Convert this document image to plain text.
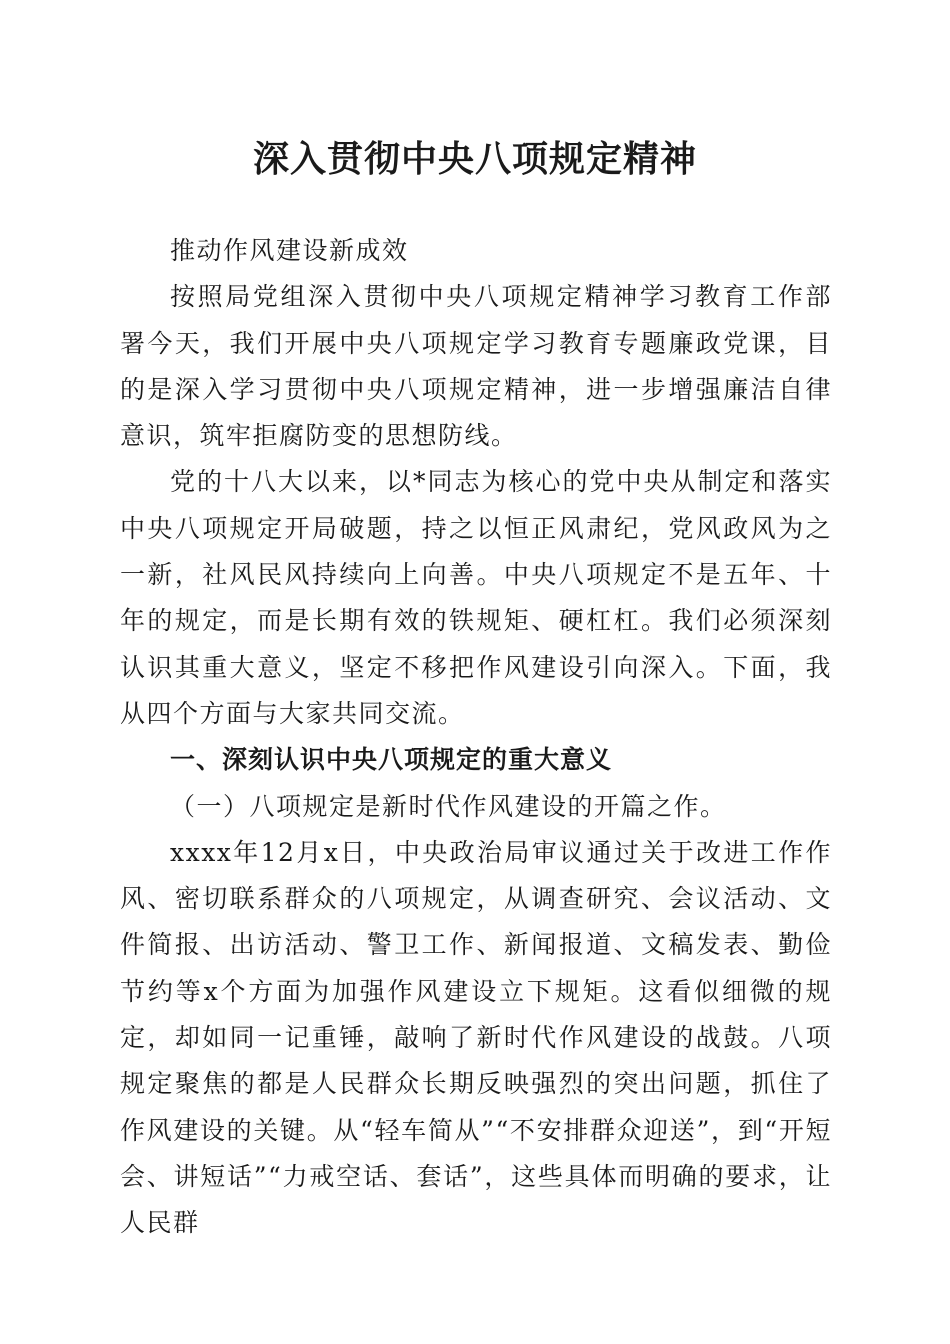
深入贯彻中央八项规定精神

推动作风建设新成效

按照局党组深入贯彻中央八项规定精神学习教育工作部署今天，我们开展中央八项规定学习教育专题廉政党课，目的是深入学习贯彻中央八项规定精神，进一步增强廉洁自律意识，筑牢拒腐防变的思想防线。

党的十八大以来，以*同志为核心的党中央从制定和落实中央八项规定开局破题，持之以恒正风肃纪，党风政风为之一新，社风民风持续向上向善。中央八项规定不是五年、十年的规定，而是长期有效的铁规矩、硬杠杠。我们必须深刻认识其重大意义，坚定不移把作风建设引向深入。下面，我从四个方面与大家共同交流。

一、深刻认识中央八项规定的重大意义

（一）八项规定是新时代作风建设的开篇之作。

xxxx年12月x日，中央政治局审议通过关于改进工作作风、密切联系群众的八项规定，从调查研究、会议活动、文件简报、出访活动、警卫工作、新闻报道、文稿发表、勤俭节约等x个方面为加强作风建设立下规矩。这看似细微的规定，却如同一记重锤，敲响了新时代作风建设的战鼓。八项规定聚焦的都是人民群众长期反映强烈的突出问题，抓住了作风建设的关键。从“轻车简从”“不安排群众迎送”，到“开短会、讲短话”“力戒空话、套话”，这些具体而明确的要求，让人民群
